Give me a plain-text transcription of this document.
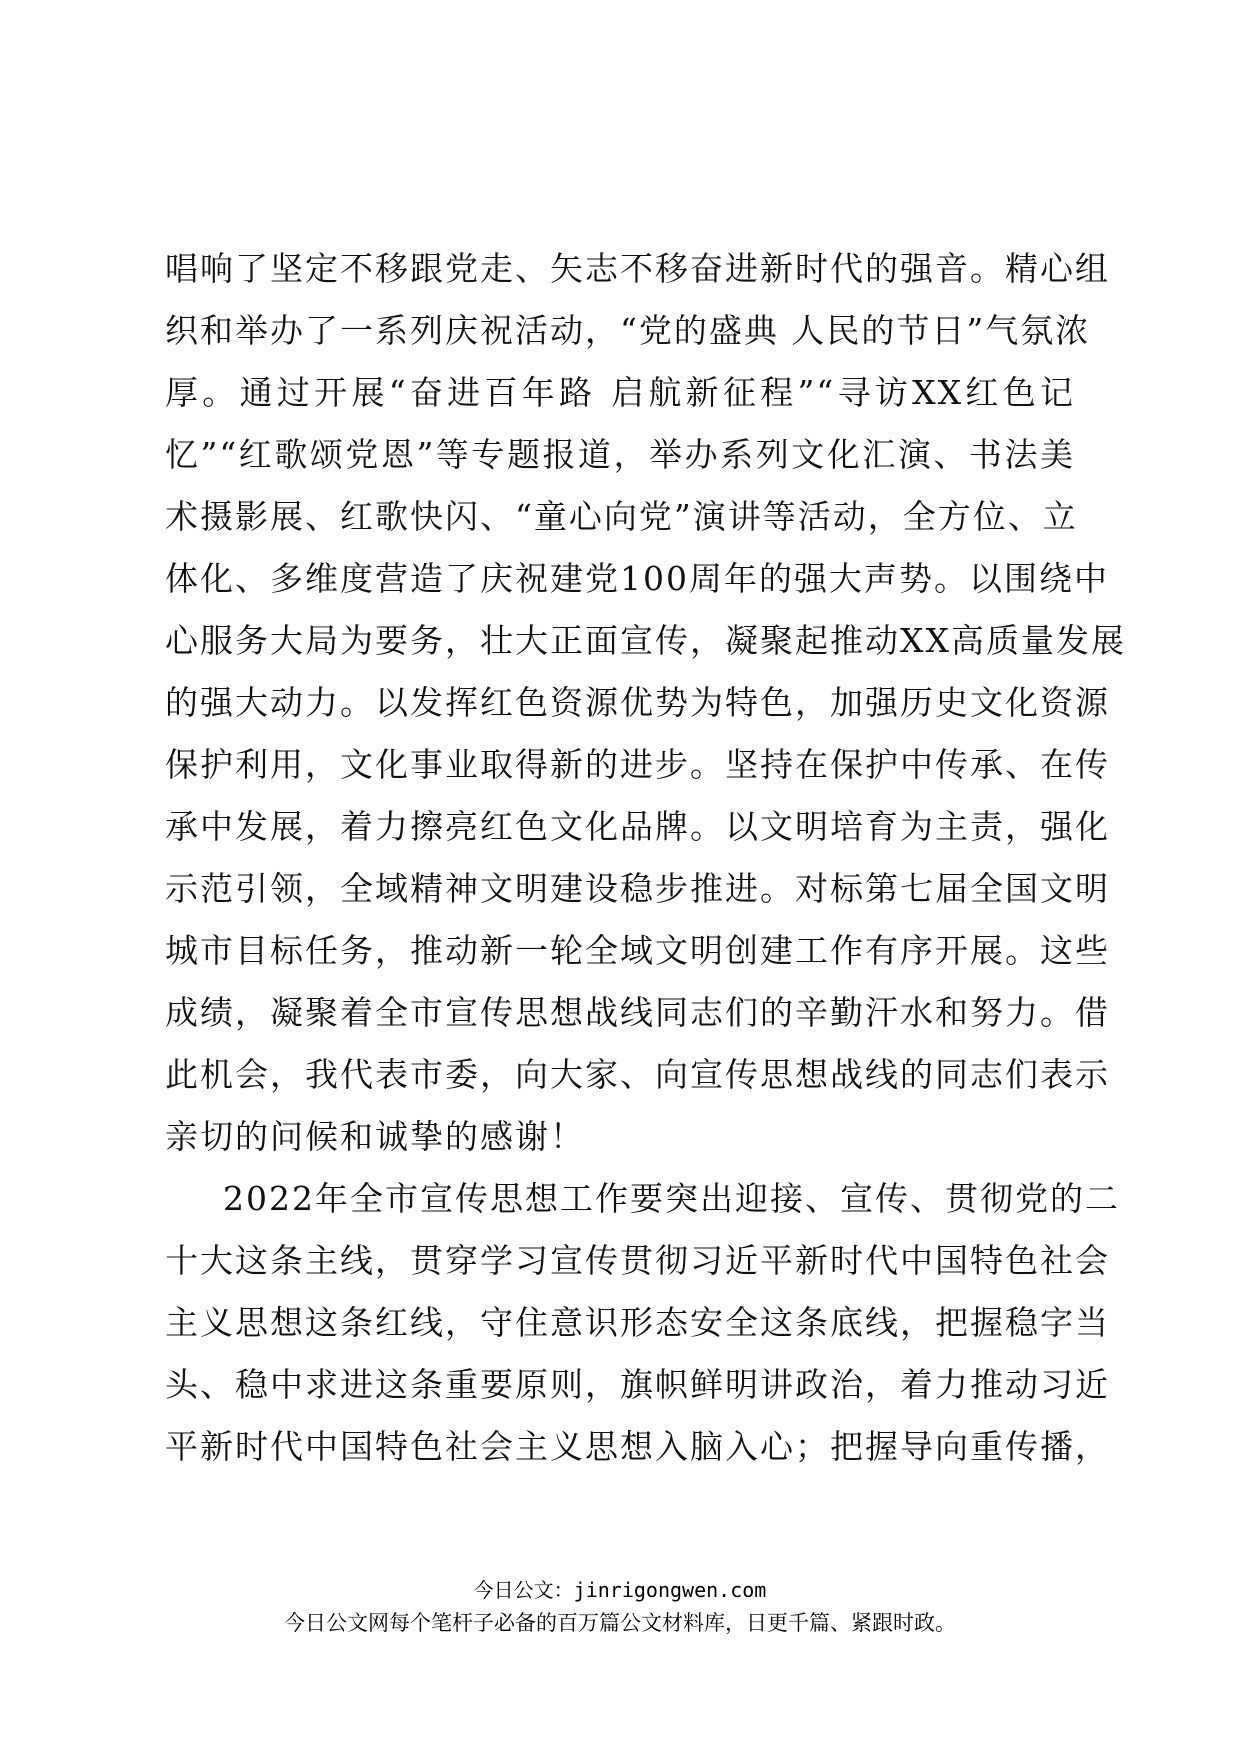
唱响了坚定不移跟党走、矢志不移奋进新时代的强音。精心组
织和举办了一系列庆祝活动，“党的盛典 人民的节日”气氛浓
厚。通过开展“奋进百年路 启航新征程”“寻访XX红色记
忆”“红歌颂党恩”等专题报道，举办系列文化汇演、书法美
术摄影展、红歌快闪、“童心向党”演讲等活动，全方位、立
体化、多维度营造了庆祝建党100周年的强大声势。以围绕中
心服务大局为要务，壮大正面宣传，凝聚起推动XX高质量发展
的强大动力。以发挥红色资源优势为特色，加强历史文化资源
保护利用，文化事业取得新的进步。坚持在保护中传承、在传
承中发展，着力擦亮红色文化品牌。以文明培育为主责，强化
示范引领，全域精神文明建设稳步推进。对标第七届全国文明
城市目标任务，推动新一轮全域文明创建工作有序开展。这些
成绩，凝聚着全市宣传思想战线同志们的辛勤汗水和努力。借
此机会，我代表市委，向大家、向宣传思想战线的同志们表示
亲切的问候和诚挚的感谢！
2022年全市宣传思想工作要突出迎接、宣传、贯彻党的二
十大这条主线，贯穿学习宣传贯彻习近平新时代中国特色社会
主义思想这条红线，守住意识形态安全这条底线，把握稳字当
头、稳中求进这条重要原则，旗帜鲜明讲政治，着力推动习近
平新时代中国特色社会主义思想入脑入心；把握导向重传播，
今日公文：jinrigongwen.com
今日公文网每个笔杆子必备的百万篇公文材料库，日更千篇、紧跟时政。
